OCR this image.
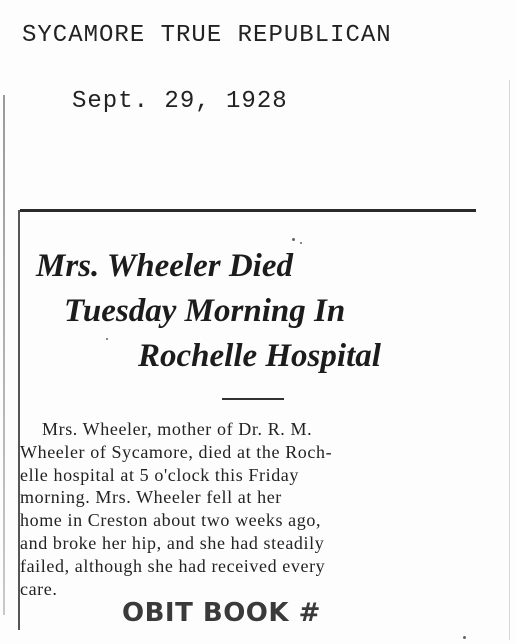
SYCAMORE TRUE REPUBLICAN
Sept. 29, 1928
Mrs. Wheeler Died
Tuesday Morning In
Rochelle Hospital
Mrs. Wheeler, mother of Dr. R. M.
Wheeler of Sycamore, died at the Roch-
elle hospital at 5 o'clock this Friday
morning. Mrs. Wheeler fell at her
home in Creston about two weeks ago,
and broke her hip, and she had steadily
failed, although she had received every
care.
OBIT BOOK #
